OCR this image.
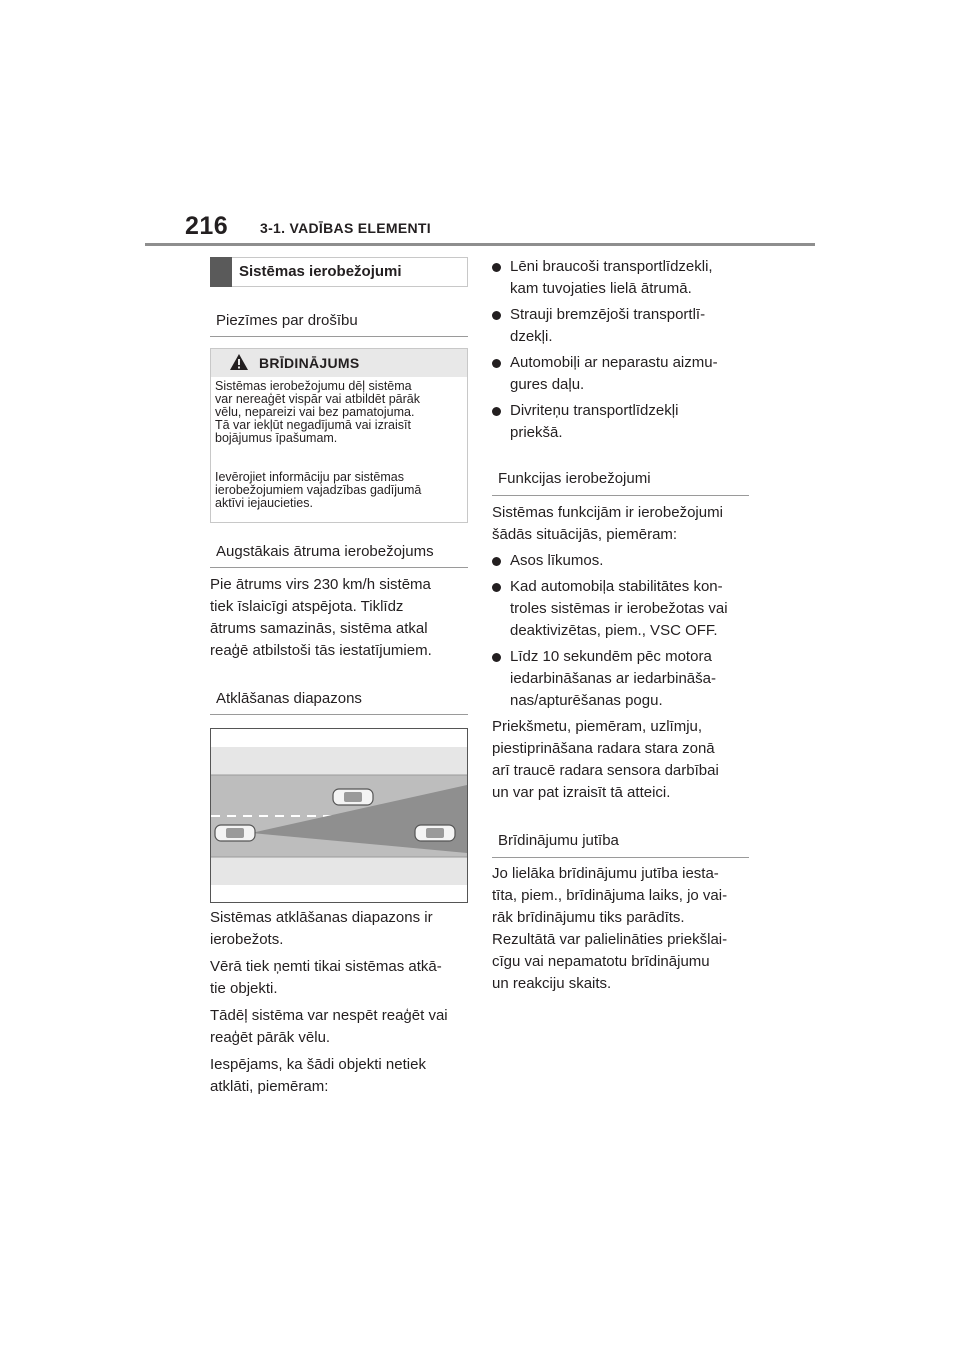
216 3-1. VADĪBAS ELEMENTI
Sistēmas ierobežojumi
Piezīmes par drošību
BRĪDINĀJUMS
Sistēmas ierobežojumu dēļ sistēma
var nereaģēt vispār vai atbildēt pārāk
vēlu, nepareizi vai bez pamatojuma.
Tā var iekļūt negadījumā vai izraisīt
bojājumus īpašumam.
Ievērojiet informāciju par sistēmas
ierobežojumiem vajadzības gadījumā
aktīvi iejaucieties.
Augstākais ātruma ierobežojums
Pie ātrums virs 230 km/h sistēma
tiek īslaicīgi atspējota. Tiklīdz
ātrums samazinās, sistēma atkal
reaģē atbilstoši tās iestatījumiem.
Atklāšanas diapazons
Sistēmas atklāšanas diapazons ir
ierobežots.
Vērā tiek ņemti tikai sistēmas atkā-
tie objekti.
Tādēļ sistēma var nespēt reaģēt vai
reaģēt pārāk vēlu.
Iespējams, ka šādi objekti netiek
atklāti, piemēram:
Lēni braucoši transportlīdzekli,
kam tuvojaties lielā ātrumā.
Strauji bremzējoši transportlī-
dzekļi.
Automobiļi ar neparastu aizmu-
gures daļu.
Divriteņu transportlīdzekļi
priekšā.
Funkcijas ierobežojumi
Sistēmas funkcijām ir ierobežojumi
šādās situācijās, piemēram:
Asos līkumos.
Kad automobiļa stabilitātes kon-
troles sistēmas ir ierobežotas vai
deaktivizētas, piem., VSC OFF.
Līdz 10 sekundēm pēc motora
iedarbināšanas ar iedarbināša-
nas/apturēšanas pogu.
Priekšmetu, piemēram, uzlīmju,
piestiprināšana radara stara zonā
arī traucē radara sensora darbībai
un var pat izraisīt tā atteici.
Brīdinājumu jutība
Jo lielāka brīdinājumu jutība iesta-
tīta, piem., brīdinājuma laiks, jo vai-
rāk brīdinājumu tiks parādīts.
Rezultātā var palielināties priekšlai-
cīgu vai nepamatotu brīdinājumu
un reakciju skaits.
